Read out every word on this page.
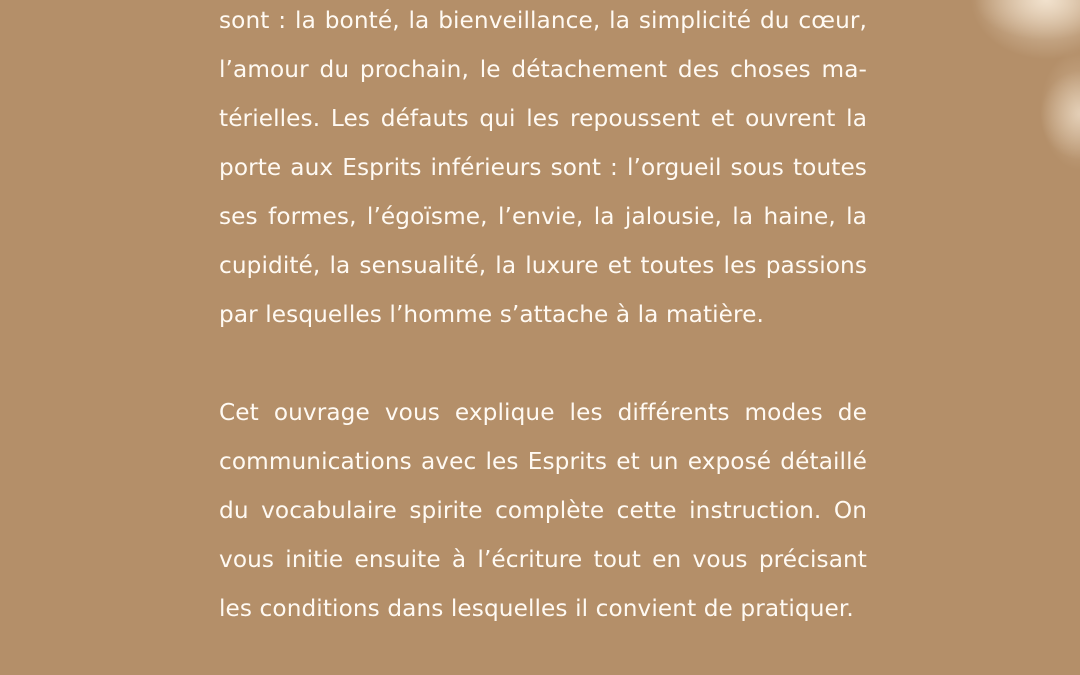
sont : la bonté, la bienveillance, la simplicité du cœur,
l’amour du prochain, le détachement des choses ma-
térielles. Les défauts qui les repoussent et ouvrent la
porte aux Esprits inférieurs sont : l’orgueil sous toutes
ses formes, l’égoïsme, l’envie, la jalousie, la haine, la
cupidité, la sensualité, la luxure et toutes les passions
par lesquelles l’homme s’attache à la matière.
Cet ouvrage vous explique les différents modes de
communications avec les Esprits et un exposé détaillé
du vocabulaire spirite complète cette instruction. On
vous initie ensuite à l’écriture tout en vous précisant
les conditions dans lesquelles il convient de pratiquer.
